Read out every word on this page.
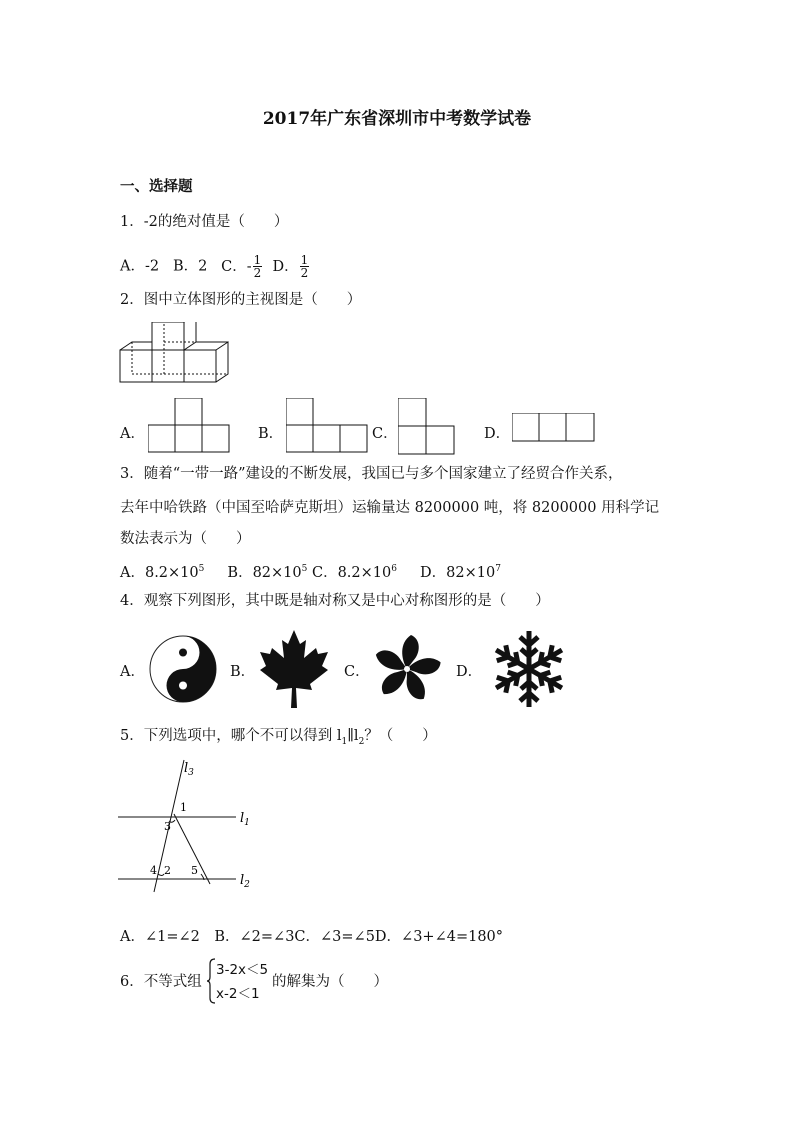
2017年广东省深圳市中考数学试卷
一、选择题
1．-2的绝对值是（　　）
A．-2 B．2 C．- $\frac{1}{2}$ D． $\frac{1}{2}$
2．图中立体图形的主视图是（　　）
A．	B．	C．	D．
3．随着“一带一路”建设的不断发展，我国已与多个国家建立了经贸合作关系，
去年中哈铁路（中国至哈萨克斯坦）运输量达 8200000 吨，将 8200000 用科学记
数法表示为（　　）
A．$8.2\times 10^5$ B．$82\times 10^5$ C．$8.2\times 10^6$ D．$82\times 10^7$
4．观察下列图形，其中既是轴对称又是中心对称图形的是（　　）
A．	B．	C．	D．
5．下列选项中，哪个不可以得到 $l_1\parallel l_2$？（　　）
$l_3$
$l_1$
$l_2$
1
3
4 2 5
A．∠1=∠2　B．∠2=∠3C．∠3=∠5D．∠3+∠4=180°
6．不等式组
3-2x＜5
x-2＜1
的解集为（　　）
